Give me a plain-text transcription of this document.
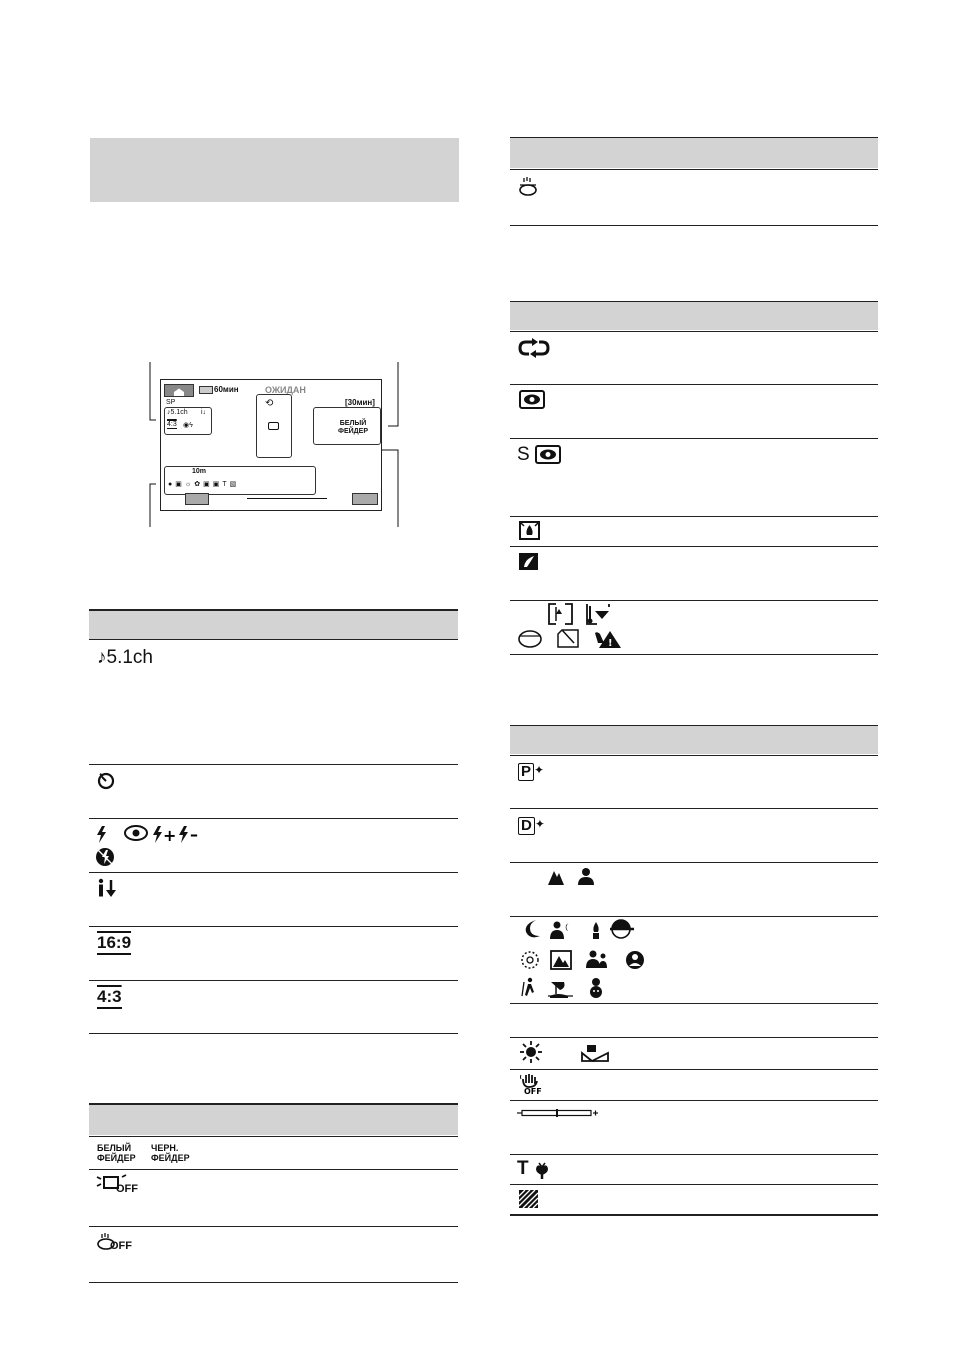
60мин	ОЖИДАН
SP	[30мин]
♪5.1ch i↓
4:3 ◉ϟ
⟲
БЕЛЫЙ
ФЕЙДЕР
10m
●▣☼✿▣▣T▧
♪5.1ch
+ –
16:9
4:3
БЕЛЫЙ
ФЕЙДЕР
ЧЕРН.
ФЕЙДЕР
OFF
OFF
S
!
P ✦
D ✦
OFF
T
